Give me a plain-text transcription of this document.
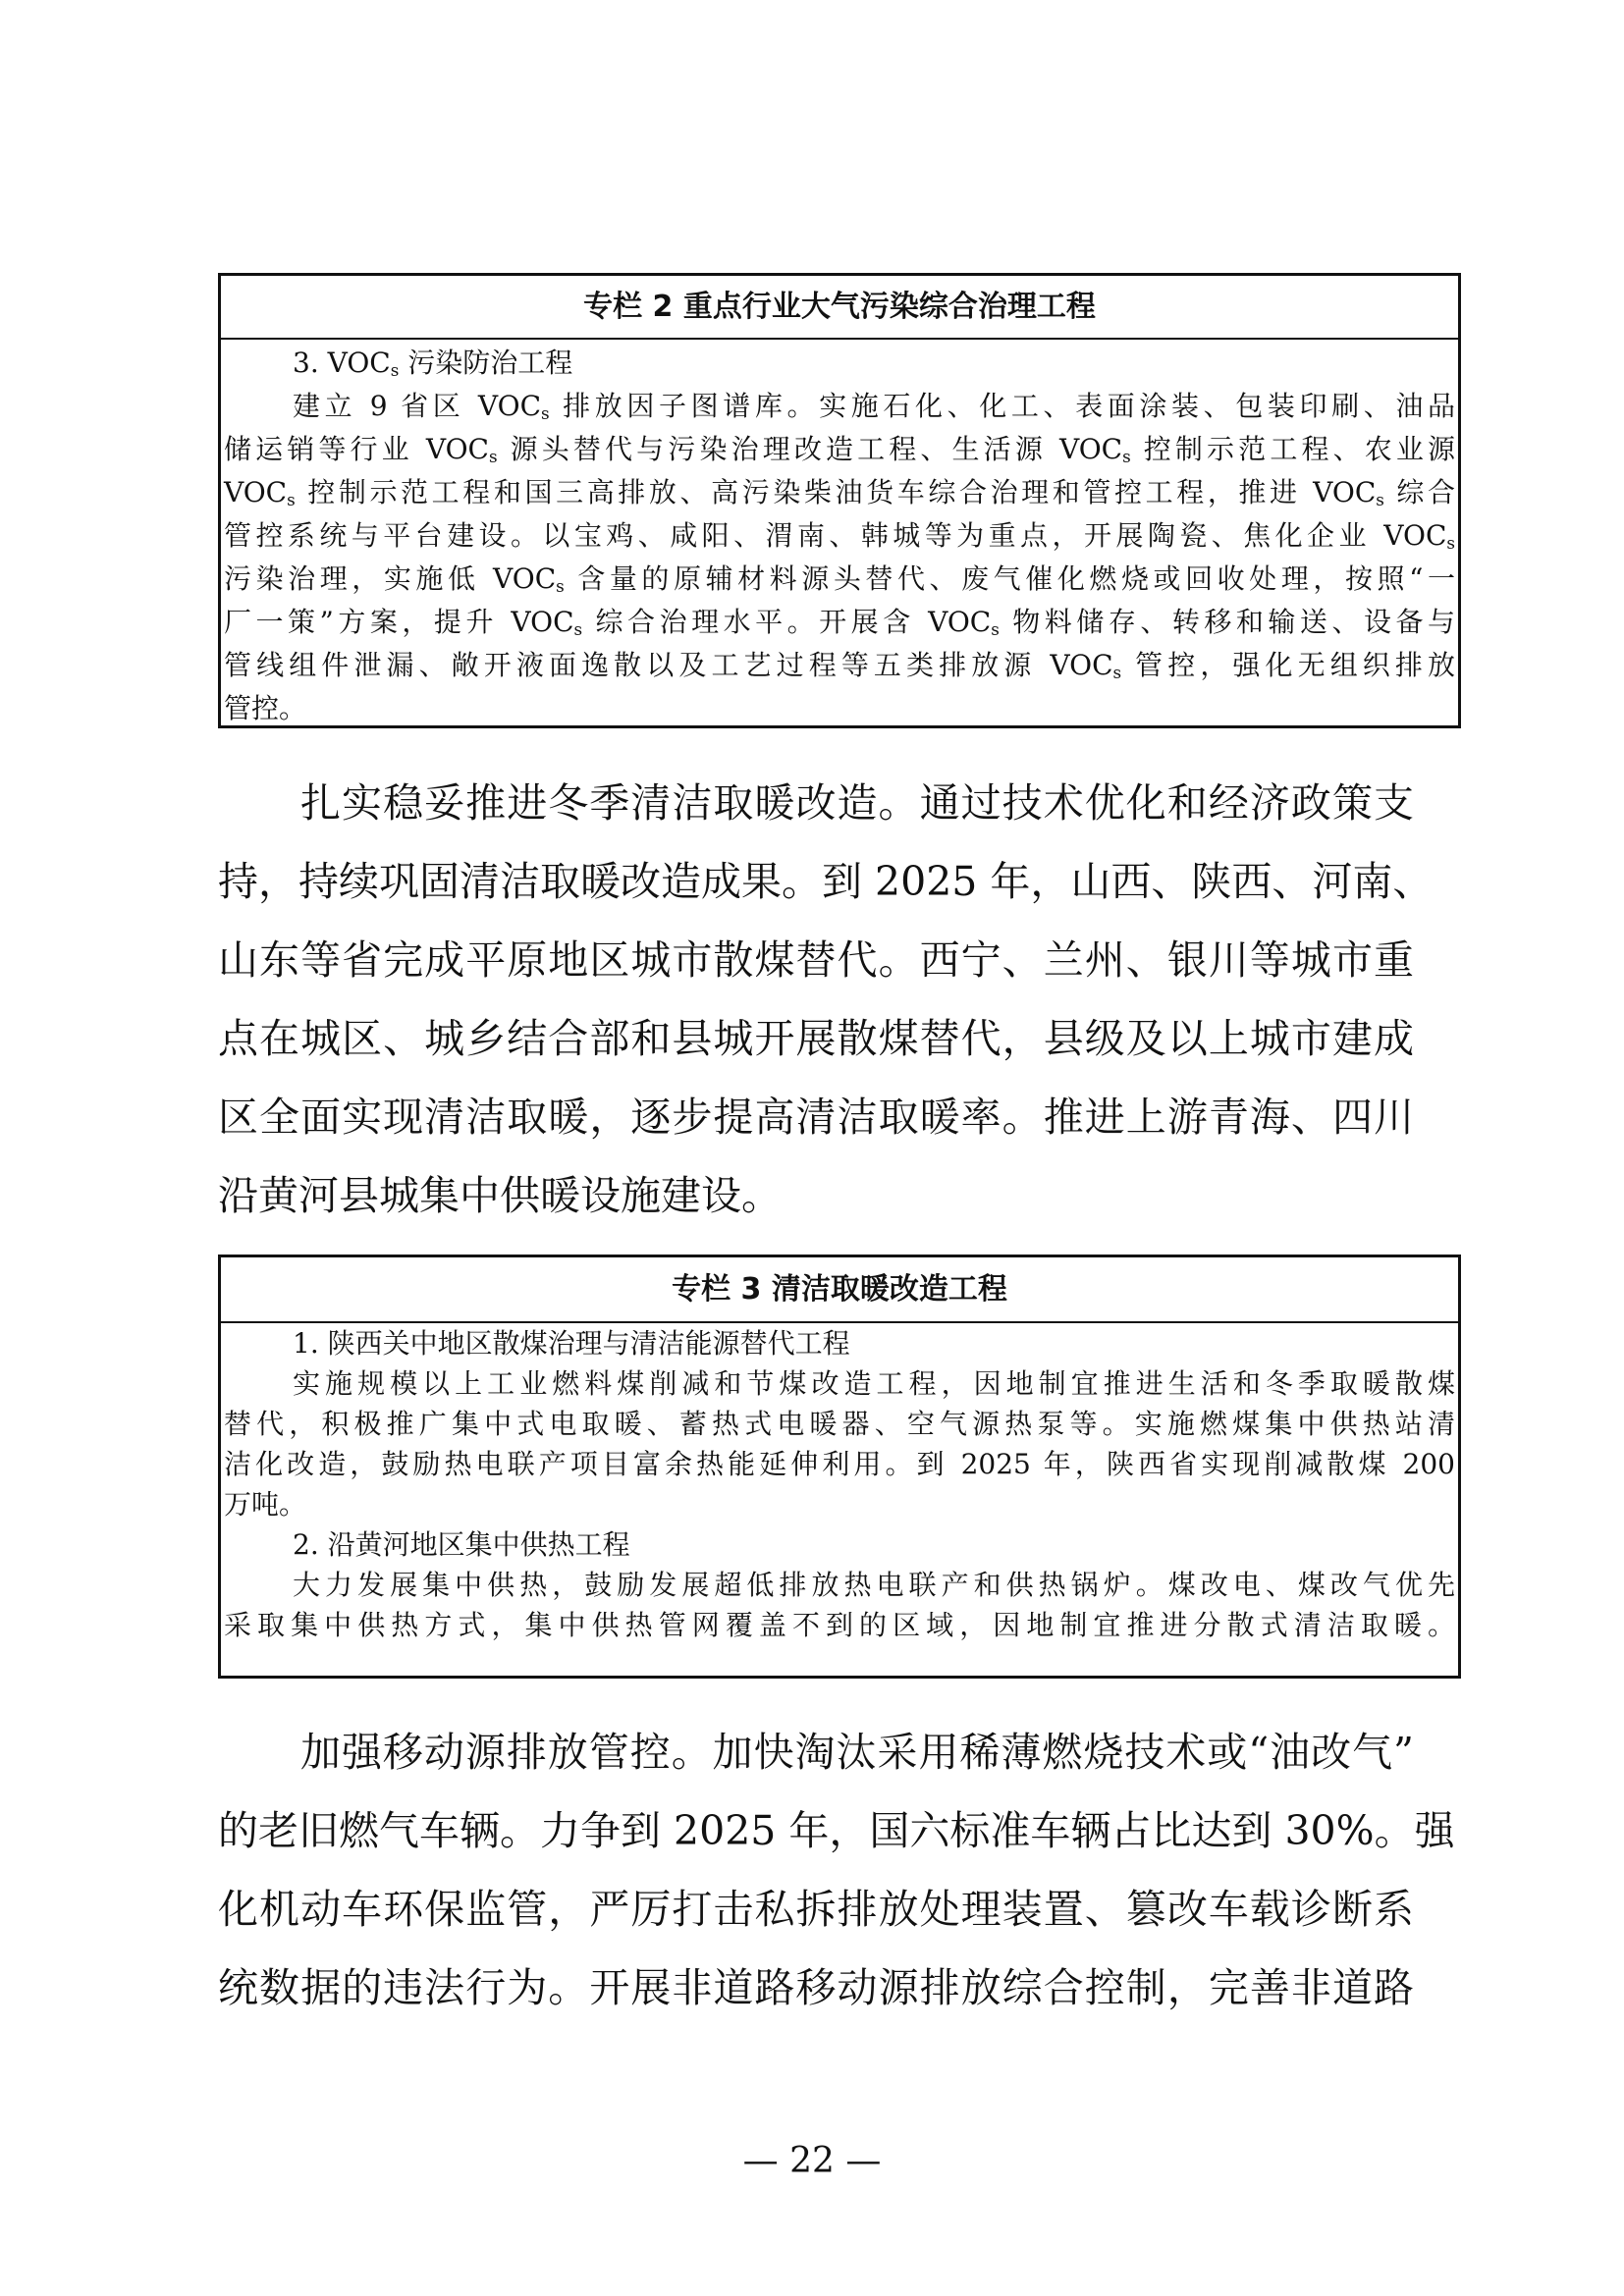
专栏 2 重点行业大气污染综合治理工程
3. $VOC_s$ 污染防治工程
建立 9 省区 $VOC_s$ 排放因子图谱库。实施石化、化工、表面涂装、包装印刷、油品
储运销等行业 $VOC_s$ 源头替代与污染治理改造工程、生活源 $VOC_s$ 控制示范工程、农业源
$VOC_s$ 控制示范工程和国三高排放、高污染柴油货车综合治理和管控工程，推进 $VOC_s$ 综合
管控系统与平台建设。以宝鸡、咸阳、渭南、韩城等为重点，开展陶瓷、焦化企业 $VOC_s$
污染治理，实施低 $VOC_s$ 含量的原辅材料源头替代、废气催化燃烧或回收处理，按照“一
厂一策”方案，提升 $VOC_s$ 综合治理水平。开展含 $VOC_s$ 物料储存、转移和输送、设备与
管线组件泄漏、敞开液面逸散以及工艺过程等五类排放源 $VOC_s$ 管控，强化无组织排放
管控。
扎实稳妥推进冬季清洁取暖改造。通过技术优化和经济政策支
持，持续巩固清洁取暖改造成果。到 2025 年，山西、陕西、河南、
山东等省完成平原地区城市散煤替代。西宁、兰州、银川等城市重
点在城区、城乡结合部和县城开展散煤替代，县级及以上城市建成
区全面实现清洁取暖，逐步提高清洁取暖率。推进上游青海、四川
沿黄河县城集中供暖设施建设。
专栏 3 清洁取暖改造工程
1. 陕西关中地区散煤治理与清洁能源替代工程
实施规模以上工业燃料煤削减和节煤改造工程，因地制宜推进生活和冬季取暖散煤
替代，积极推广集中式电取暖、蓄热式电暖器、空气源热泵等。实施燃煤集中供热站清
洁化改造，鼓励热电联产项目富余热能延伸利用。到 2025 年，陕西省实现削减散煤 200
万吨。
2. 沿黄河地区集中供热工程
大力发展集中供热，鼓励发展超低排放热电联产和供热锅炉。煤改电、煤改气优先
采取集中供热方式，集中供热管网覆盖不到的区域，因地制宜推进分散式清洁取暖。
加强移动源排放管控。加快淘汰采用稀薄燃烧技术或“油改气”
的老旧燃气车辆。力争到 2025 年，国六标准车辆占比达到 30%。强
化机动车环保监管，严厉打击私拆排放处理装置、篡改车载诊断系
统数据的违法行为。开展非道路移动源排放综合控制，完善非道路
— 22 —
